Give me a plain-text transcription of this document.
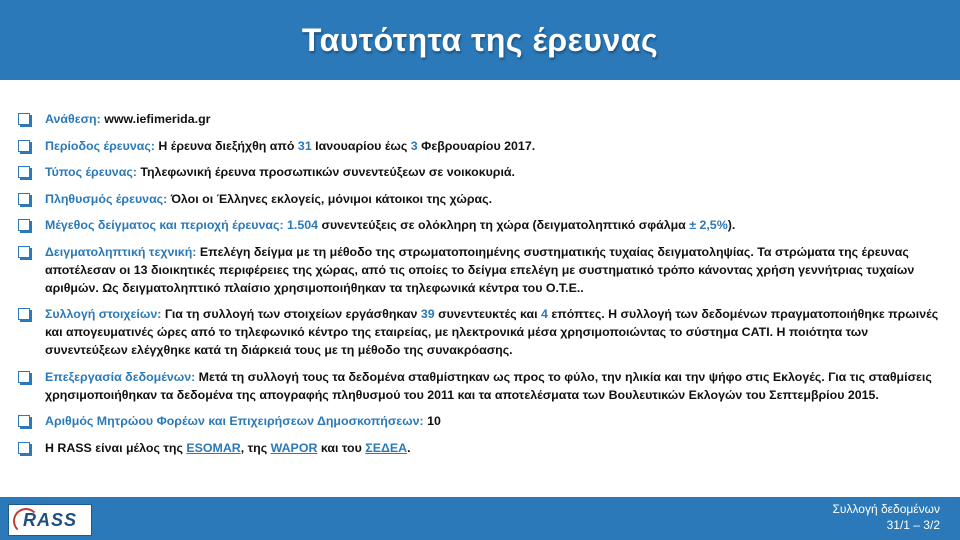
Ταυτότητα της έρευνας
Ανάθεση: www.iefimerida.gr
Περίοδος έρευνας: Η έρευνα διεξήχθη από 31 Ιανουαρίου έως 3 Φεβρουαρίου 2017.
Τύπος έρευνας: Τηλεφωνική έρευνα προσωπικών συνεντεύξεων σε νοικοκυριά.
Πληθυσμός έρευνας: Όλοι οι Έλληνες εκλογείς, μόνιμοι κάτοικοι της χώρας.
Μέγεθος δείγματος και περιοχή έρευνας: 1.504 συνεντεύξεις σε ολόκληρη τη χώρα (δειγματοληπτικό σφάλμα ± 2,5%).
Δειγματοληπτική τεχνική: Επελέγη δείγμα με τη μέθοδο της στρωματοποιημένης συστηματικής τυχαίας δειγματοληψίας. Τα στρώματα της έρευνας αποτέλεσαν οι 13 διοικητικές περιφέρειες της χώρας, από τις οποίες το δείγμα επελέγη με συστηματικό τρόπο κάνοντας χρήση γεννήτριας τυχαίων αριθμών. Ως δειγματοληπτικό πλαίσιο χρησιμοποιήθηκαν τα τηλεφωνικά κέντρα του Ο.Τ.Ε..
Συλλογή στοιχείων: Για τη συλλογή των στοιχείων εργάσθηκαν 39 συνεντευκτές και 4 επόπτες. Η συλλογή των δεδομένων πραγματοποιήθηκε πρωινές και απογευματινές ώρες από το τηλεφωνικό κέντρο της εταιρείας, με ηλεκτρονικά μέσα χρησιμοποιώντας το σύστημα CATI. Η ποιότητα των συνεντεύξεων ελέγχθηκε κατά τη διάρκειά τους με τη μέθοδο της συνακρόασης.
Επεξεργασία δεδομένων: Μετά τη συλλογή τους τα δεδομένα σταθμίστηκαν ως προς το φύλο, την ηλικία και την ψήφο στις Εκλογές. Για τις σταθμίσεις χρησιμοποιήθηκαν τα δεδομένα της απογραφής πληθυσμού του 2011 και τα αποτελέσματα των Βουλευτικών Εκλογών του Σεπτεμβρίου 2015.
Αριθμός Μητρώου Φορέων και Επιχειρήσεων Δημοσκοπήσεων: 10
Η RASS είναι μέλος της ESOMAR, της WAPOR και του ΣΕΔΕΑ.
RASS
Συλλογή δεδομένων
31/1 – 3/2
